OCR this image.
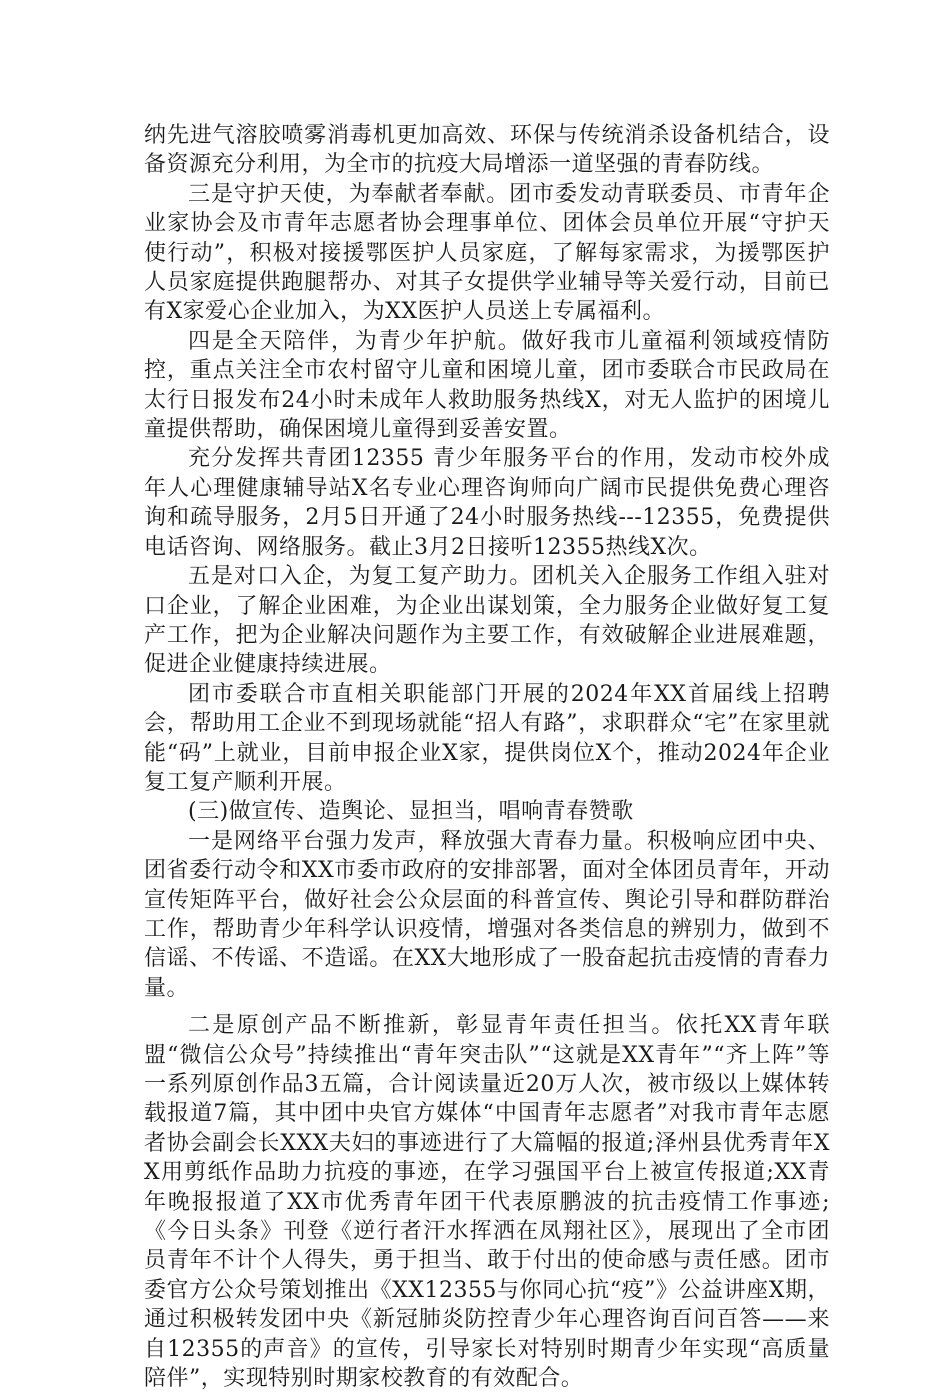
纳先进气溶胶喷雾消毒机更加高效、环保与传统消杀设备机结合，设备资源充分利用，为全市的抗疫大局增添一道坚强的青春防线。

三是守护天使，为奉献者奉献。团市委发动青联委员、市青年企业家协会及市青年志愿者协会理事单位、团体会员单位开展“守护天使行动”，积极对接援鄂医护人员家庭，了解每家需求，为援鄂医护人员家庭提供跑腿帮办、对其子女提供学业辅导等关爱行动，目前已有X家爱心企业加入，为XX医护人员送上专属福利。

四是全天陪伴，为青少年护航。做好我市儿童福利领域疫情防控，重点关注全市农村留守儿童和困境儿童，团市委联合市民政局在太行日报发布24小时未成年人救助服务热线X，对无人监护的困境儿童提供帮助，确保困境儿童得到妥善安置。

充分发挥共青团12355 青少年服务平台的作用，发动市校外成年人心理健康辅导站X名专业心理咨询师向广阔市民提供免费心理咨询和疏导服务，2月5日开通了24小时服务热线---12355，免费提供电话咨询、网络服务。截止3月2日接听12355热线X次。

五是对口入企，为复工复产助力。团机关入企服务工作组入驻对口企业，了解企业困难，为企业出谋划策，全力服务企业做好复工复产工作，把为企业解决问题作为主要工作，有效破解企业进展难题，促进企业健康持续进展。

团市委联合市直相关职能部门开展的2024年XX首届线上招聘会，帮助用工企业不到现场就能“招人有路”，求职群众“宅”在家里就能“码”上就业，目前申报企业X家，提供岗位X个，推动2024年企业复工复产顺利开展。

(三)做宣传、造舆论、显担当，唱响青春赞歌

一是网络平台强力发声，释放强大青春力量。积极响应团中央、团省委行动令和XX市委市政府的安排部署，面对全体团员青年，开动宣传矩阵平台，做好社会公众层面的科普宣传、舆论引导和群防群治工作，帮助青少年科学认识疫情，增强对各类信息的辨别力，做到不信谣、不传谣、不造谣。在XX大地形成了一股奋起抗击疫情的青春力量。

二是原创产品不断推新，彰显青年责任担当。依托XX青年联盟“微信公众号”持续推出“青年突击队”“这就是XX青年”“齐上阵”等一系列原创作品3五篇，合计阅读量近20万人次，被市级以上媒体转载报道7篇，其中团中央官方媒体“中国青年志愿者”对我市青年志愿者协会副会长XXX夫妇的事迹进行了大篇幅的报道;泽州县优秀青年XX用剪纸作品助力抗疫的事迹，在学习强国平台上被宣传报道;XX青年晚报报道了XX市优秀青年团干代表原鹏波的抗击疫情工作事迹;《今日头条》刊登《逆行者汗水挥洒在凤翔社区》，展现出了全市团员青年不计个人得失，勇于担当、敢于付出的使命感与责任感。团市委官方公众号策划推出《XX12355与你同心抗“疫”》公益讲座X期，通过积极转发团中央《新冠肺炎防控青少年心理咨询百问百答——来自12355的声音》的宣传，引导家长对特别时期青少年实现“高质量陪伴”，实现特别时期家校教育的有效配合。
